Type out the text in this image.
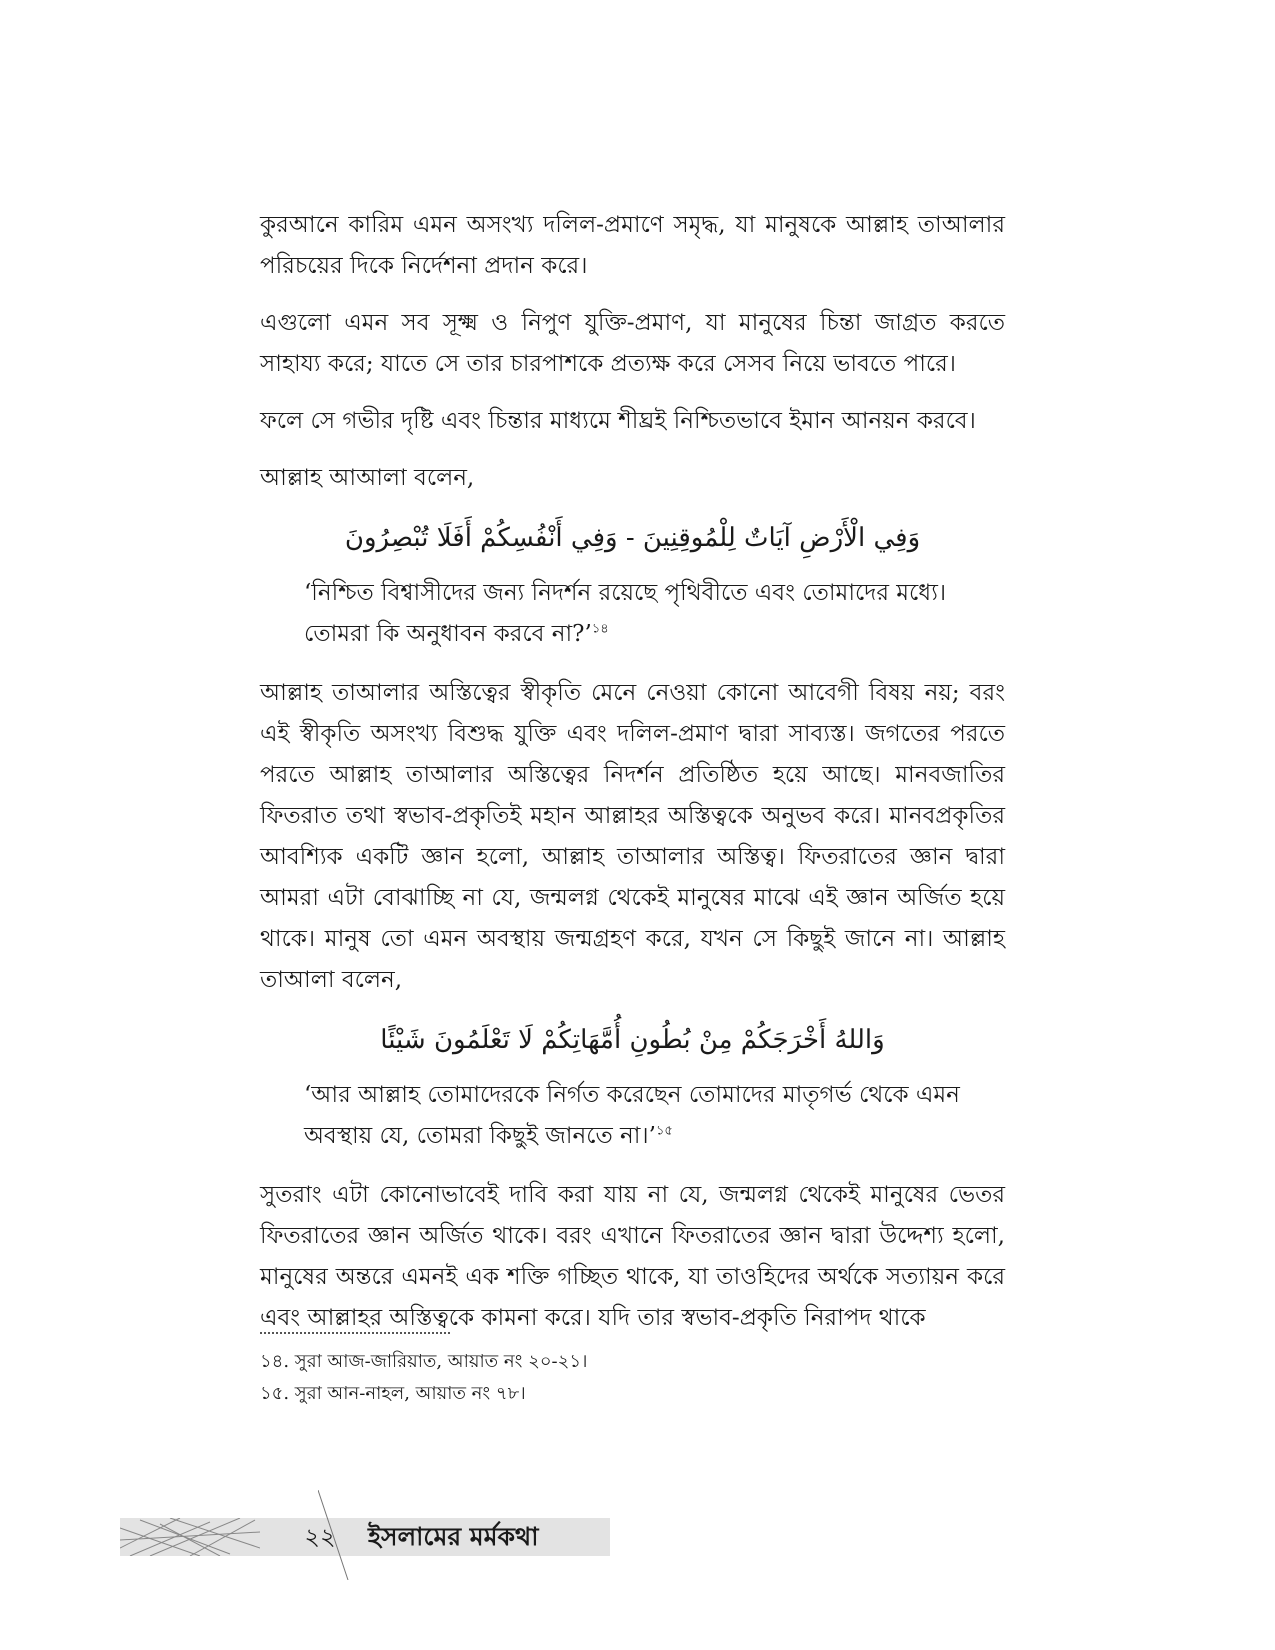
কুরআনে কারিম এমন অসংখ্য দলিল-প্রমাণে সমৃদ্ধ, যা মানুষকে আল্লাহ তাআলার পরিচয়ের দিকে নির্দেশনা প্রদান করে।

এগুলো এমন সব সূক্ষ্ম ও নিপুণ যুক্তি-প্রমাণ, যা মানুষের চিন্তা জাগ্রত করতে সাহায্য করে; যাতে সে তার চারপাশকে প্রত্যক্ষ করে সেসব নিয়ে ভাবতে পারে।

ফলে সে গভীর দৃষ্টি এবং চিন্তার মাধ্যমে শীঘ্রই নিশ্চিতভাবে ইমান আনয়ন করবে।

আল্লাহ আআলা বলেন,

وَفِي الْأَرْضِ آيَاتٌ لِلْمُوقِنِينَ - وَفِي أَنْفُسِكُمْ أَفَلَا تُبْصِرُونَ
‘নিশ্চিত বিশ্বাসীদের জন্য নিদর্শন রয়েছে পৃথিবীতে এবং তোমাদের মধ্যে। তোমরা কি অনুধাবন করবে না?’$^{১৪}$

আল্লাহ তাআলার অস্তিত্বের স্বীকৃতি মেনে নেওয়া কোনো আবেগী বিষয় নয়; বরং এই স্বীকৃতি অসংখ্য বিশুদ্ধ যুক্তি এবং দলিল-প্রমাণ দ্বারা সাব্যস্ত। জগতের পরতে পরতে আল্লাহ তাআলার অস্তিত্বের নিদর্শন প্রতিষ্ঠিত হয়ে আছে। মানবজাতির ফিতরাত তথা স্বভাব-প্রকৃতিই মহান আল্লাহর অস্তিত্বকে অনুভব করে। মানবপ্রকৃতির আবশ্যিক একটি জ্ঞান হলো, আল্লাহ তাআলার অস্তিত্ব। ফিতরাতের জ্ঞান দ্বারা আমরা এটা বোঝাচ্ছি না যে, জন্মলগ্ন থেকেই মানুষের মাঝে এই জ্ঞান অর্জিত হয়ে থাকে। মানুষ তো এমন অবস্থায় জন্মগ্রহণ করে, যখন সে কিছুই জানে না। আল্লাহ তাআলা বলেন,

وَاللهُ أَخْرَجَكُمْ مِنْ بُطُونِ أُمَّهَاتِكُمْ لَا تَعْلَمُونَ شَيْئًا
‘আর আল্লাহ তোমাদেরকে নির্গত করেছেন তোমাদের মাতৃগর্ভ থেকে এমন অবস্থায় যে, তোমরা কিছুই জানতে না।’$^{১৫}$

সুতরাং এটা কোনোভাবেই দাবি করা যায় না যে, জন্মলগ্ন থেকেই মানুষের ভেতর ফিতরাতের জ্ঞান অর্জিত থাকে। বরং এখানে ফিতরাতের জ্ঞান দ্বারা উদ্দেশ্য হলো, মানুষের অন্তরে এমনই এক শক্তি গচ্ছিত থাকে, যা তাওহিদের অর্থকে সত্যায়ন করে এবং আল্লাহর অস্তিত্বকে কামনা করে। যদি তার স্বভাব-প্রকৃতি নিরাপদ থাকে

১৪. সুরা আজ-জারিয়াত, আয়াত নং ২০-২১।
১৫. সুরা আন-নাহল, আয়াত নং ৭৮।
২২	ইসলামের মর্মকথা
